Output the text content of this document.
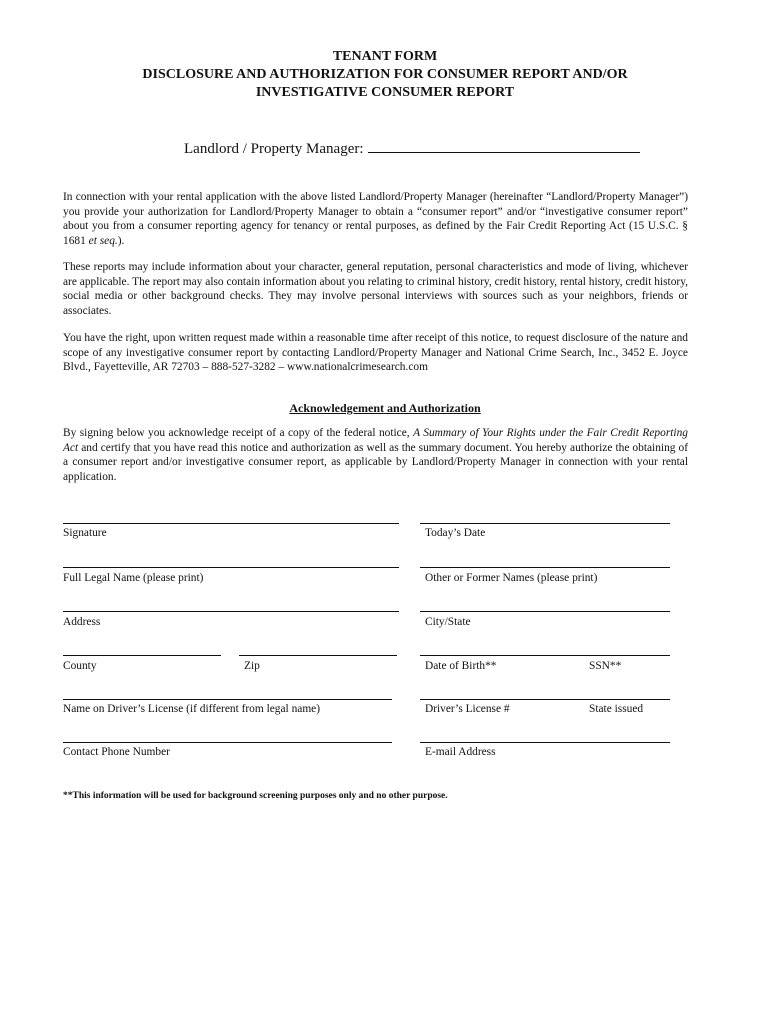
TENANT FORM
DISCLOSURE AND AUTHORIZATION FOR CONSUMER REPORT AND/OR
INVESTIGATIVE CONSUMER REPORT
Landlord / Property Manager:

In connection with your rental application with the above listed Landlord/Property Manager (hereinafter “Landlord/Property Manager”) you provide your authorization for Landlord/Property Manager to obtain a “consumer report” and/or “investigative consumer report” about you from a consumer reporting agency for tenancy or rental purposes, as defined by the Fair Credit Reporting Act (15 U.S.C. § 1681 et seq.).

These reports may include information about your character, general reputation, personal characteristics and mode of living, whichever are applicable. The report may also contain information about you relating to criminal history, credit history, rental history, credit history, social media or other background checks. They may involve personal interviews with sources such as your neighbors, friends or associates.

You have the right, upon written request made within a reasonable time after receipt of this notice, to request disclosure of the nature and scope of any investigative consumer report by contacting Landlord/Property Manager and National Crime Search, Inc., 3452 E. Joyce Blvd., Fayetteville, AR 72703 – 888-527-3282 – www.nationalcrimesearch.com

Acknowledgement and Authorization

By signing below you acknowledge receipt of a copy of the federal notice, A Summary of Your Rights under the Fair Credit Reporting Act and certify that you have read this notice and authorization as well as the summary document. You hereby authorize the obtaining of a consumer report and/or investigative consumer report, as applicable by Landlord/Property Manager in connection with your rental application.

Signature	Today’s Date
Full Legal Name (please print)	Other or Former Names (please print)
Address	City/State
County	Zip	Date of Birth**	SSN**
Name on Driver’s License (if different from legal name)	Driver’s License #	State issued
Contact Phone Number	E-mail Address
**This information will be used for background screening purposes only and no other purpose.
